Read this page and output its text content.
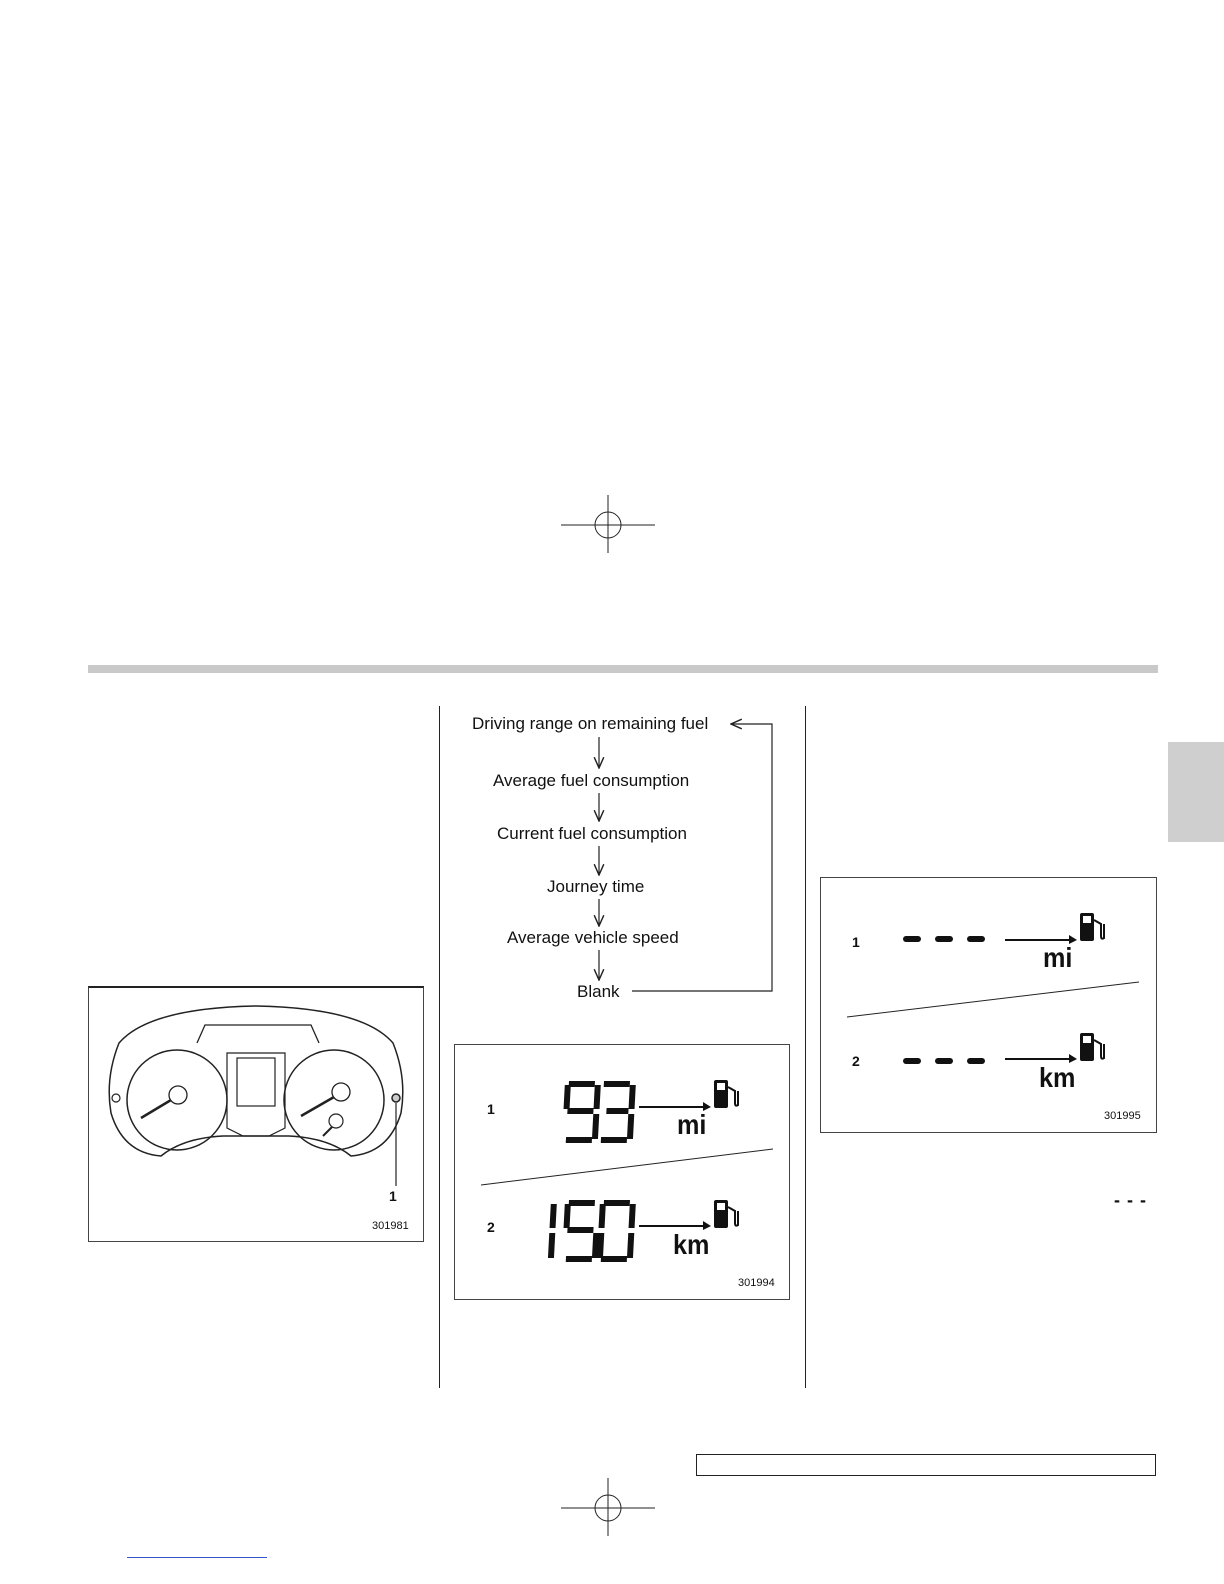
1
301981
Driving range on remaining fuel
Average fuel consumption
Current fuel consumption
Journey time
Average vehicle speed
Blank
1
2
mi
km
301994
1
2
mi
km
301995
- - -
